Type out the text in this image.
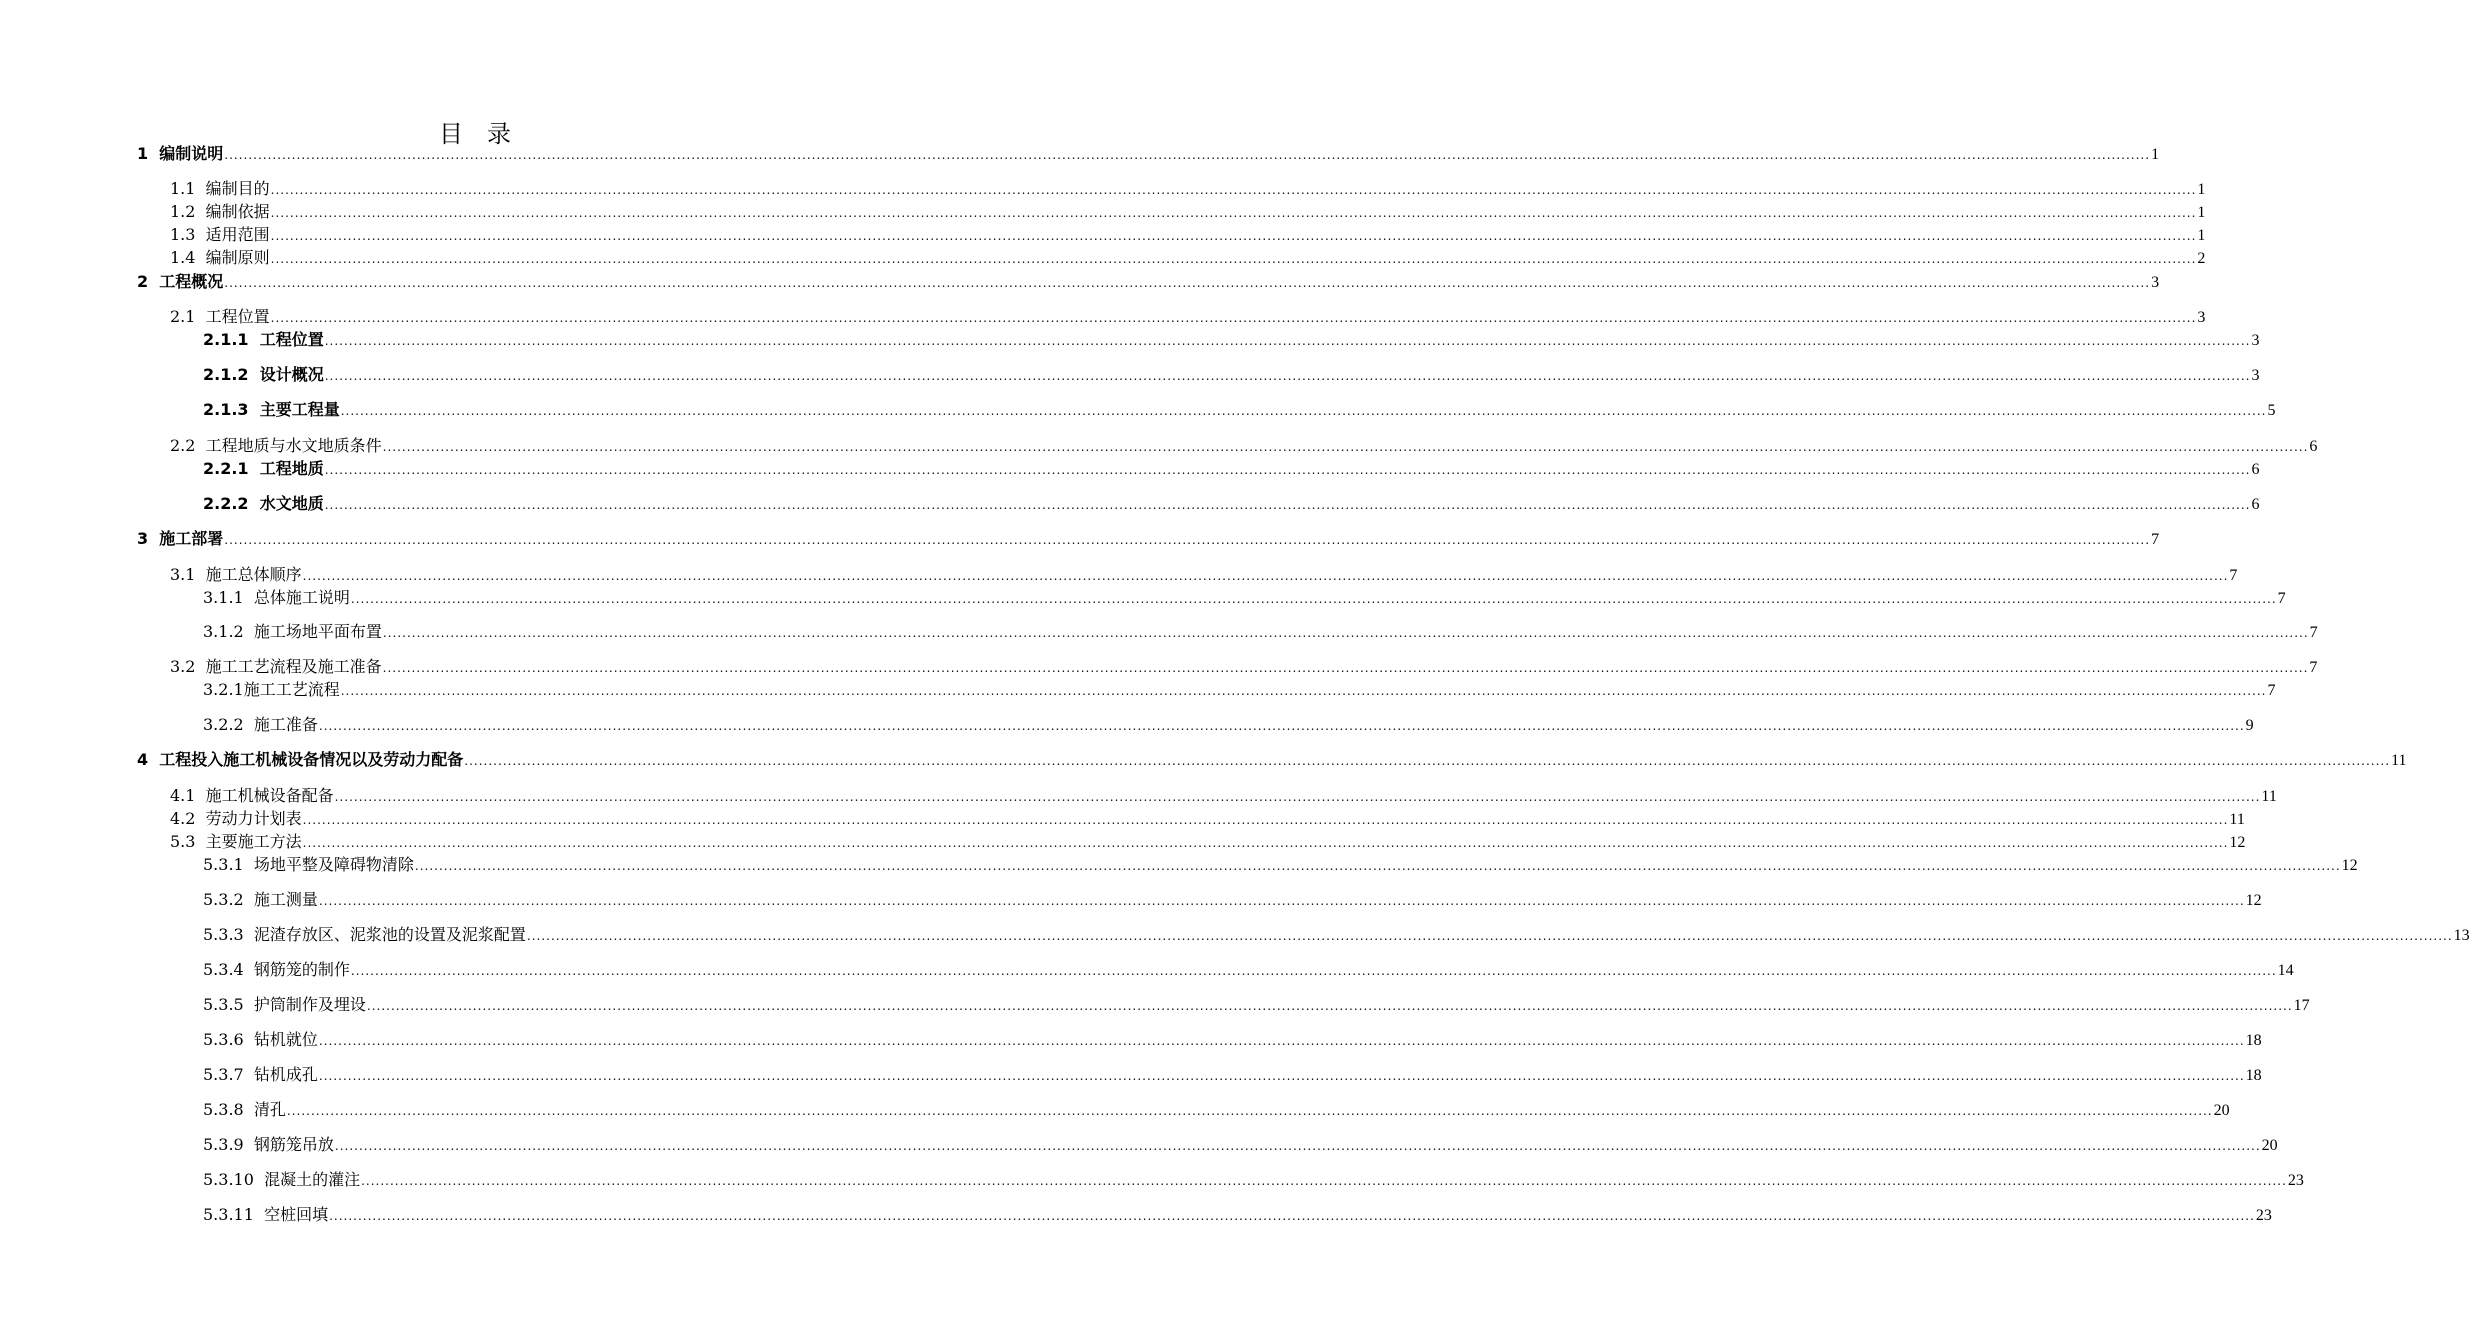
目　录
1  编制说明 ................................................................................................................................................................................................................................................................................................................................................................................................................ 1
1.1  编制目的 ................................................................................................................................................................................................................................................................................................................................................................................................................ 1
1.2  编制依据 ................................................................................................................................................................................................................................................................................................................................................................................................................ 1
1.3  适用范围 ................................................................................................................................................................................................................................................................................................................................................................................................................ 1
1.4  编制原则 ................................................................................................................................................................................................................................................................................................................................................................................................................ 2
2  工程概况 ................................................................................................................................................................................................................................................................................................................................................................................................................ 3
2.1  工程位置 ................................................................................................................................................................................................................................................................................................................................................................................................................ 3
2.1.1  工程位置 ................................................................................................................................................................................................................................................................................................................................................................................................................ 3
2.1.2  设计概况 ................................................................................................................................................................................................................................................................................................................................................................................................................ 3
2.1.3  主要工程量 ................................................................................................................................................................................................................................................................................................................................................................................................................ 5
2.2  工程地质与水文地质条件 ................................................................................................................................................................................................................................................................................................................................................................................................................ 6
2.2.1  工程地质 ................................................................................................................................................................................................................................................................................................................................................................................................................ 6
2.2.2  水文地质 ................................................................................................................................................................................................................................................................................................................................................................................................................ 6
3  施工部署 ................................................................................................................................................................................................................................................................................................................................................................................................................ 7
3.1  施工总体顺序 ................................................................................................................................................................................................................................................................................................................................................................................................................ 7
3.1.1  总体施工说明 ................................................................................................................................................................................................................................................................................................................................................................................................................ 7
3.1.2  施工场地平面布置 ................................................................................................................................................................................................................................................................................................................................................................................................................ 7
3.2  施工工艺流程及施工准备 ................................................................................................................................................................................................................................................................................................................................................................................................................ 7
3.2.1施工工艺流程 ................................................................................................................................................................................................................................................................................................................................................................................................................ 7
3.2.2  施工准备 ................................................................................................................................................................................................................................................................................................................................................................................................................ 9
4  工程投入施工机械设备情况以及劳动力配备 ................................................................................................................................................................................................................................................................................................................................................................................................................ 11
4.1  施工机械设备配备 ................................................................................................................................................................................................................................................................................................................................................................................................................ 11
4.2  劳动力计划表 ................................................................................................................................................................................................................................................................................................................................................................................................................ 11
5.3  主要施工方法 ................................................................................................................................................................................................................................................................................................................................................................................................................ 12
5.3.1  场地平整及障碍物清除 ................................................................................................................................................................................................................................................................................................................................................................................................................ 12
5.3.2  施工测量 ................................................................................................................................................................................................................................................................................................................................................................................................................ 12
5.3.3  泥渣存放区、泥浆池的设置及泥浆配置 ................................................................................................................................................................................................................................................................................................................................................................................................................ 13
5.3.4  钢筋笼的制作 ................................................................................................................................................................................................................................................................................................................................................................................................................ 14
5.3.5  护筒制作及埋设 ................................................................................................................................................................................................................................................................................................................................................................................................................ 17
5.3.6  钻机就位 ................................................................................................................................................................................................................................................................................................................................................................................................................ 18
5.3.7  钻机成孔 ................................................................................................................................................................................................................................................................................................................................................................................................................ 18
5.3.8  清孔 ................................................................................................................................................................................................................................................................................................................................................................................................................ 20
5.3.9  钢筋笼吊放 ................................................................................................................................................................................................................................................................................................................................................................................................................ 20
5.3.10  混凝土的灌注 ................................................................................................................................................................................................................................................................................................................................................................................................................ 23
5.3.11  空桩回填 ................................................................................................................................................................................................................................................................................................................................................................................................................ 23
